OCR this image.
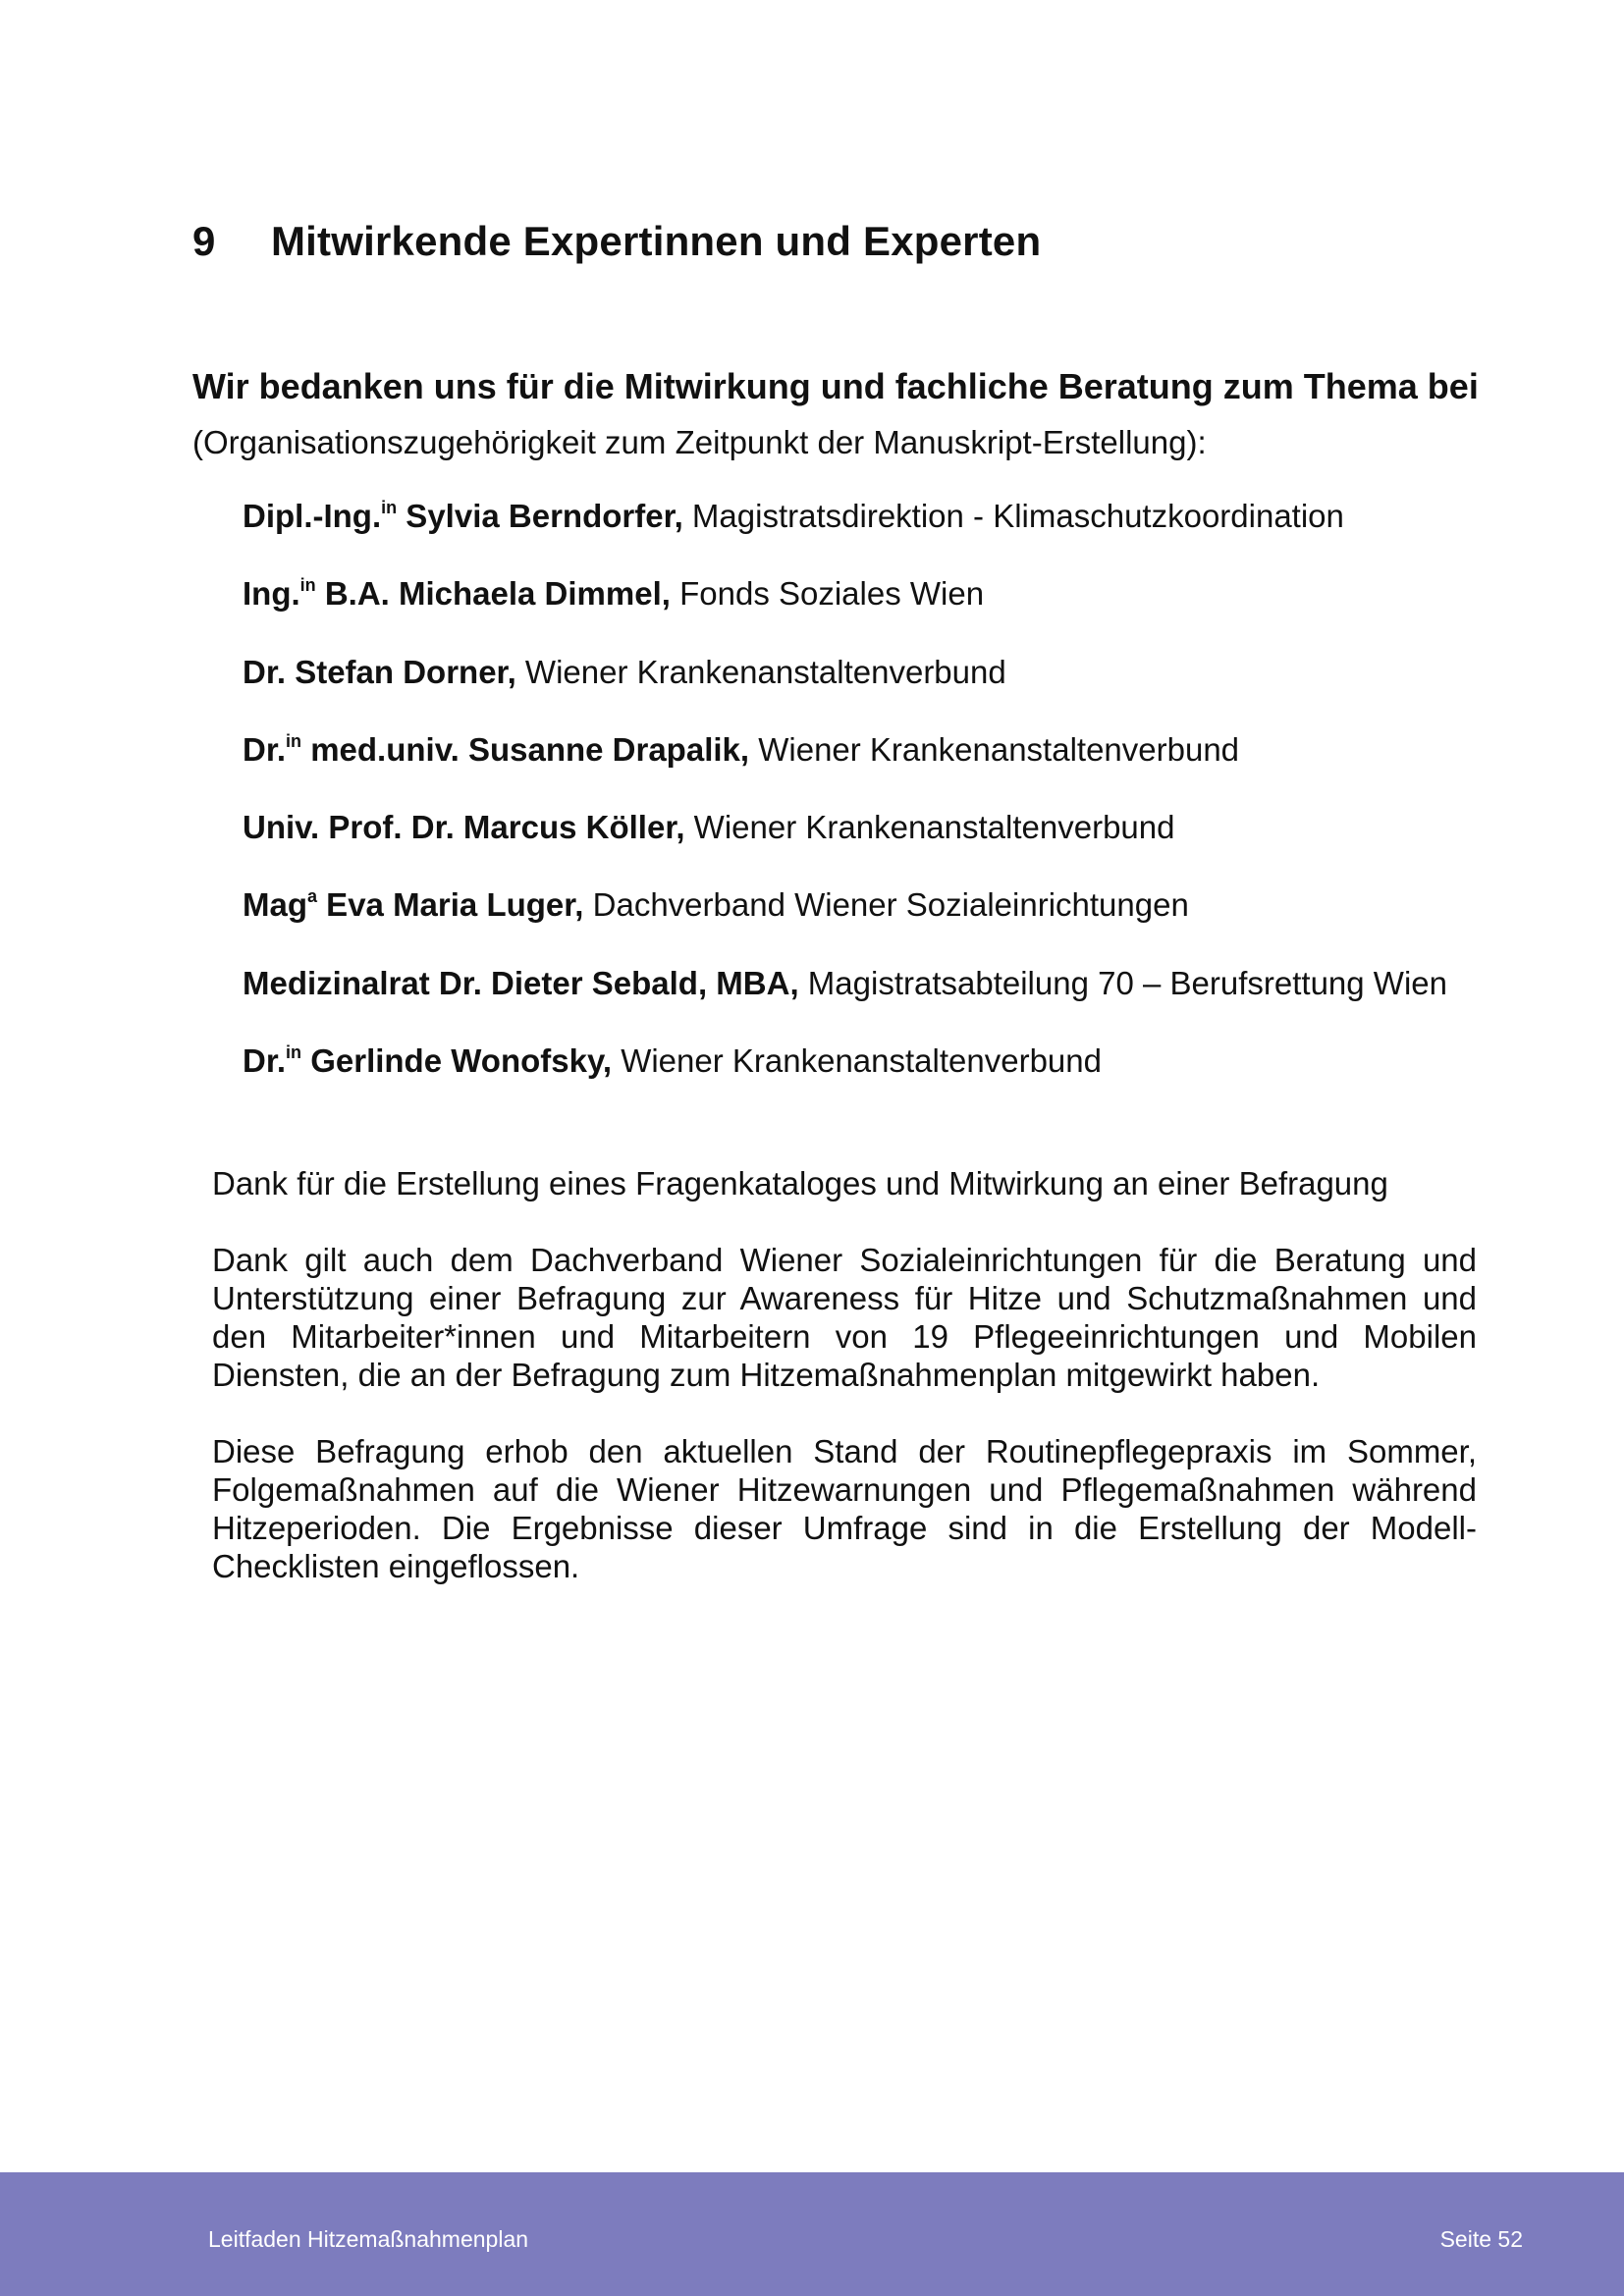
9 Mitwirkende Expertinnen und Experten
Wir bedanken uns für die Mitwirkung und fachliche Beratung zum Thema bei (Organisationszugehörigkeit zum Zeitpunkt der Manuskript-Erstellung):
Dipl.-Ing.$^{in}$ Sylvia Berndorfer, Magistratsdirektion - Klimaschutzkoordination
Ing.$^{in}$ B.A. Michaela Dimmel, Fonds Soziales Wien
Dr. Stefan Dorner, Wiener Krankenanstaltenverbund
Dr.$^{in}$ med.univ. Susanne Drapalik, Wiener Krankenanstaltenverbund
Univ. Prof. Dr. Marcus Köller, Wiener Krankenanstaltenverbund
Mag$^a$ Eva Maria Luger, Dachverband Wiener Sozialeinrichtungen
Medizinalrat Dr. Dieter Sebald, MBA, Magistratsabteilung 70 – Berufsrettung Wien
Dr.$^{in}$ Gerlinde Wonofsky, Wiener Krankenanstaltenverbund

Dank für die Erstellung eines Fragenkataloges und Mitwirkung an einer Befragung

Dank gilt auch dem Dachverband Wiener Sozialeinrichtungen für die Beratung und Unterstützung einer Befragung zur Awareness für Hitze und Schutzmaßnahmen und den Mitarbeiter*innen und Mitarbeitern von 19 Pflegeeinrichtungen und Mobilen Diensten, die an der Befragung zum Hitzemaßnahmenplan mitgewirkt haben.

Diese Befragung erhob den aktuellen Stand der Routinepflegepraxis im Sommer, Folgemaßnahmen auf die Wiener Hitzewarnungen und Pflegemaßnahmen während Hitzeperioden. Die Ergebnisse dieser Umfrage sind in die Erstellung der Modell-Checklisten eingeflossen.

Leitfaden Hitzemaßnahmenplan	Seite 52
